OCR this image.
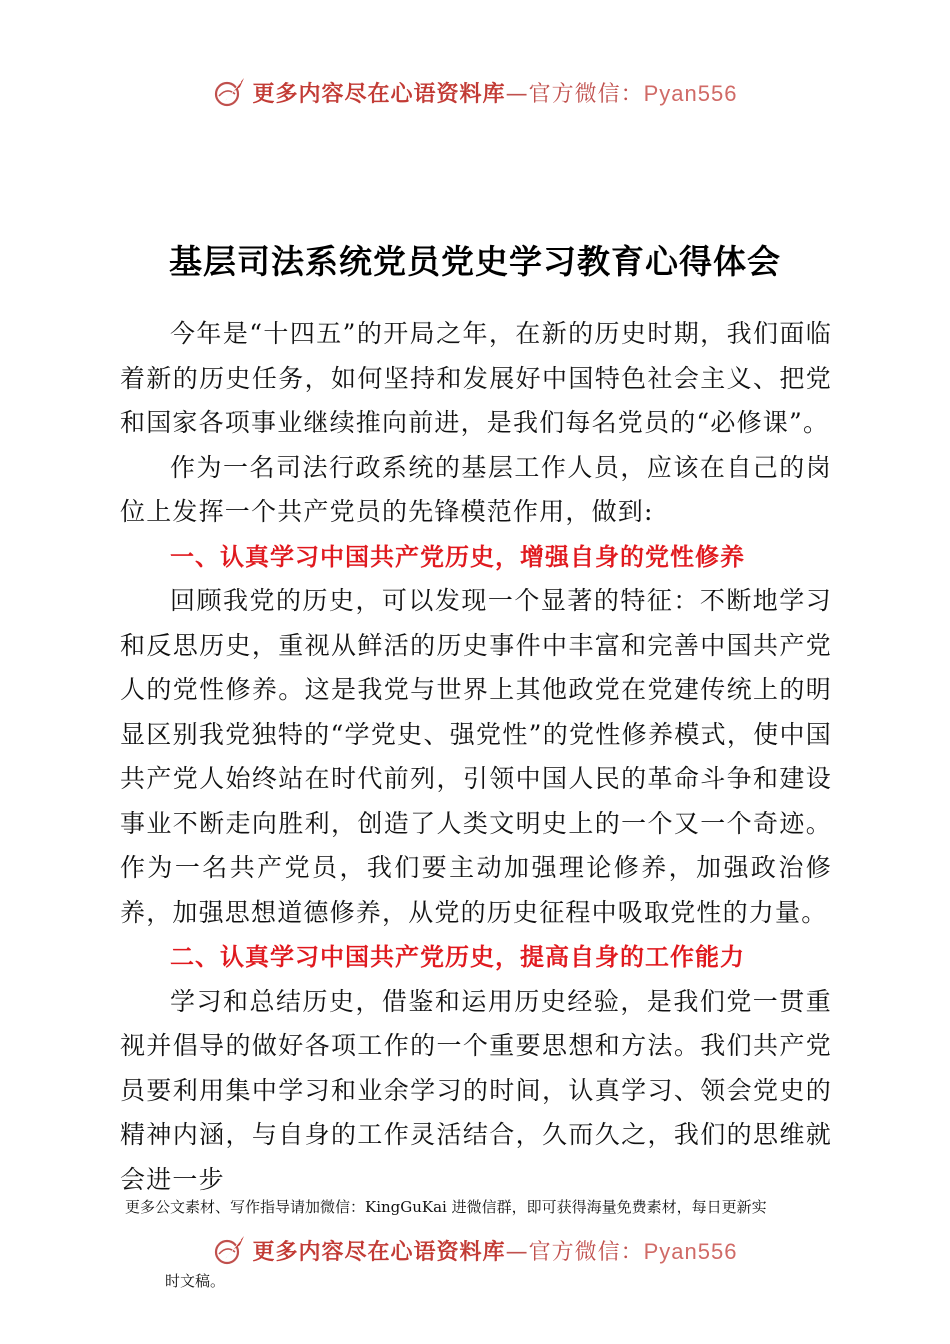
更多内容尽在心语资料库—官方微信：Pyan556
基层司法系统党员党史学习教育心得体会

今年是“十四五”的开局之年，在新的历史时期，我们面临着新的历史任务，如何坚持和发展好中国特色社会主义、把党和国家各项事业继续推向前进，是我们每名党员的“必修课”。

作为一名司法行政系统的基层工作人员，应该在自己的岗位上发挥一个共产党员的先锋模范作用，做到:

一、认真学习中国共产党历史，增强自身的党性修养

回顾我党的历史，可以发现一个显著的特征：不断地学习和反思历史，重视从鲜活的历史事件中丰富和完善中国共产党人的党性修养。这是我党与世界上其他政党在党建传统上的明显区别我党独特的“学党史、强党性”的党性修养模式，使中国共产党人始终站在时代前列，引领中国人民的革命斗争和建设事业不断走向胜利，创造了人类文明史上的一个又一个奇迹。作为一名共产党员，我们要主动加强理论修养，加强政治修养，加强思想道德修养，从党的历史征程中吸取党性的力量。

二、认真学习中国共产党历史，提高自身的工作能力

学习和总结历史，借鉴和运用历史经验，是我们党一贯重视并倡导的做好各项工作的一个重要思想和方法。我们共产党员要利用集中学习和业余学习的时间，认真学习、领会党史的精神内涵，与自身的工作灵活结合，久而久之，我们的思维就会进一步

更多公文素材、写作指导请加微信：KingGuKai 进微信群，即可获得海量免费素材，每日更新实
更多内容尽在心语资料库—官方微信：Pyan556
时文稿。
